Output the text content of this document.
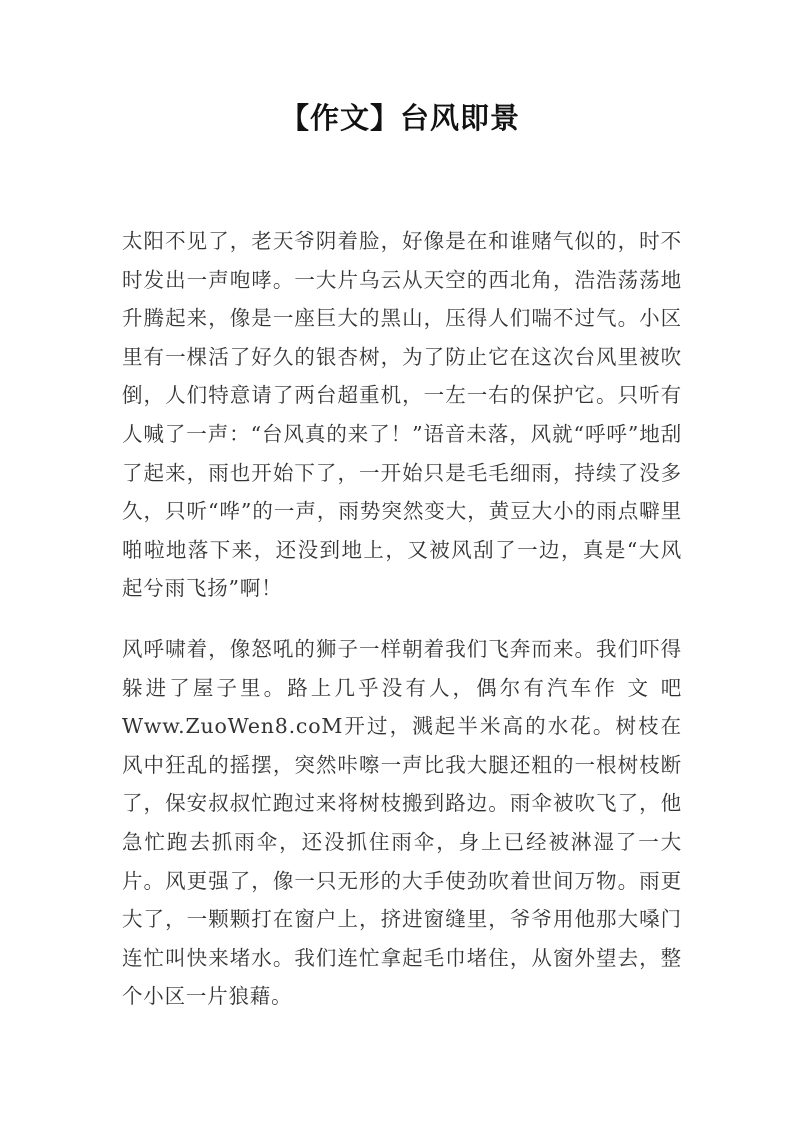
【作文】台风即景

太阳不见了，老天爷阴着脸，好像是在和谁赌气似的，时不时发出一声咆哮。一大片乌云从天空的西北角，浩浩荡荡地升腾起来，像是一座巨大的黑山，压得人们喘不过气。小区里有一棵活了好久的银杏树，为了防止它在这次台风里被吹倒，人们特意请了两台超重机，一左一右的保护它。只听有人喊了一声：“台风真的来了！”语音未落，风就“呼呼”地刮了起来，雨也开始下了，一开始只是毛毛细雨，持续了没多久，只听“哗”的一声，雨势突然变大，黄豆大小的雨点噼里啪啦地落下来，还没到地上，又被风刮了一边，真是“大风起兮雨飞扬”啊！

风呼啸着，像怒吼的狮子一样朝着我们飞奔而来。我们吓得躲进了屋子里。路上几乎没有人，偶尔有汽车作 文 吧Www.ZuoWen8.coM开过，溅起半米高的水花。树枝在风中狂乱的摇摆，突然咔嚓一声比我大腿还粗的一根树枝断了，保安叔叔忙跑过来将树枝搬到路边。雨伞被吹飞了，他急忙跑去抓雨伞，还没抓住雨伞，身上已经被淋湿了一大片。风更强了，像一只无形的大手使劲吹着世间万物。雨更大了，一颗颗打在窗户上，挤进窗缝里，爷爷用他那大嗓门连忙叫快来堵水。我们连忙拿起毛巾堵住，从窗外望去，整个小区一片狼藉。
